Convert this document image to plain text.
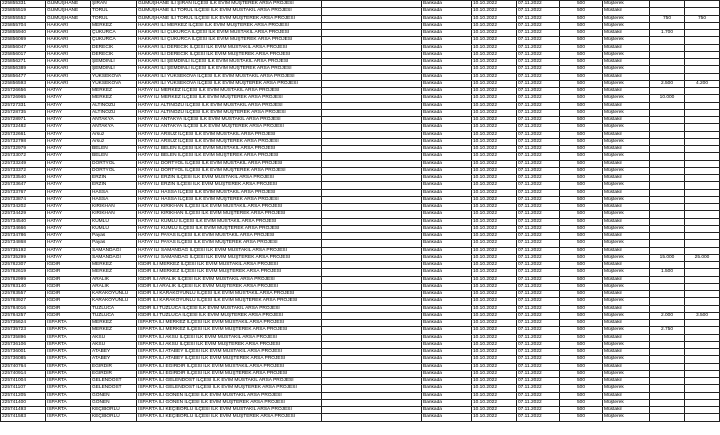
225855331	GÜMÜŞHANE	ŞİRAN	GÜMÜŞHANE İLİ ŞİRAN İLÇESİ İLK EVİM MÜŞTEREK ARSA PROJESİ		Bankada	10.10.2022	07.11.2022	500	Müşterek		
225855519	GÜMÜŞHANE	TORUL	GÜMÜŞHANE İLİ TORUL İLÇESİ İLK EVİM MÜSTAKİL ARSA PROJESİ		Bankada	10.10.2022	07.11.2022	500	Müstakil		
225855552	GÜMÜŞHANE	TORUL	GÜMÜŞHANE İLİ TORUL İLÇESİ İLK EVİM MÜŞTEREK ARSA PROJESİ		Bankada	10.10.2022	07.11.2022	500	Müşterek	750	750
225855704	HAKKARİ	MERKEZ	HAKKARİ İLİ MERKEZ İLÇESİ İLK EVİM MÜŞTEREK ARSA PROJESİ		Bankada	10.10.2022	07.11.2022	500	Müşterek		
225855940	HAKKARİ	ÇUKURCA	HAKKARİ İLİ ÇUKURCA İLÇESİ İLK EVİM MÜSTAKİL ARSA PROJESİ		Bankada	10.10.2022	07.11.2022	500	Müstakil	1.700	
225856069	HAKKARİ	ÇUKURCA	HAKKARİ İLİ ÇUKURCA İLÇESİ İLK EVİM MÜŞTEREK ARSA PROJESİ		Bankada	10.10.2022	07.11.2022	500	Müşterek		
225856047	HAKKARİ	DERECİK	HAKKARİ İLİ DERECİK İLÇESİ İLK EVİM MÜSTAKİL ARSA PROJESİ		Bankada	10.10.2022	07.11.2022	500	Müstakil		
225856017	HAKKARİ	DERECİK	HAKKARİ İLİ DERECİK İLÇESİ İLK EVİM MÜŞTEREK ARSA PROJESİ		Bankada	10.10.2022	07.11.2022	500	Müşterek		
225856271	HAKKARİ	ŞEMDİNLİ	HAKKARİ İLİ ŞEMDİNLİ İLÇESİ İLK EVİM MÜSTAKİL ARSA PROJESİ		Bankada	10.10.2022	07.11.2022	500	Müstakil		
225856389	HAKKARİ	ŞEMDİNLİ	HAKKARİ İLİ ŞEMDİNLİ İLÇESİ İLK EVİM MÜŞTEREK ARSA PROJESİ		Bankada	10.10.2022	07.11.2022	500	Müşterek		
225856477	HAKKARİ	YÜKSEKOVA	HAKKARİ İLİ YÜKSEKOVA İLÇESİ İLK EVİM MÜSTAKİL ARSA PROJESİ		Bankada	10.10.2022	07.11.2022	500	Müstakil		
225856593	HAKKARİ	YÜKSEKOVA	HAKKARİ İLİ YÜKSEKOVA İLÇESİ İLK EVİM MÜŞTEREK ARSA PROJESİ		Bankada	10.10.2022	07.11.2022	500	Müşterek	2.500	4.200
225726656	HATAY	MERKEZ	HATAY İLİ MERKEZ İLÇESİ İLK EVİM MÜSTAKİL ARSA PROJESİ		Bankada	10.10.2022	07.11.2022	500	Müstakil		
225726965	HATAY	MERKEZ	HATAY İLİ MERKEZ İLÇESİ İLK EVİM MÜŞTEREK ARSA PROJESİ		Bankada	10.10.2022	07.11.2022	500	Müşterek	10.000	
225727331	HATAY	ALTINÖZÜ	HATAY İLİ ALTINÖZÜ İLÇESİ İLK EVİM MÜSTAKİL ARSA PROJESİ		Bankada	10.10.2022	07.11.2022	500	Müstakil		
225728735	HATAY	ALTINÖZÜ	HATAY İLİ ALTINÖZÜ İLÇESİ İLK EVİM MÜŞTEREK ARSA PROJESİ		Bankada	10.10.2022	07.11.2022	500	Müşterek		
225728971	HATAY	ANTAKYA	HATAY İLİ ANTAKYA İLÇESİ İLK EVİM MÜSTAKİL ARSA PROJESİ		Bankada	10.10.2022	07.11.2022	500	Müstakil		
225732482	HATAY	ANTAKYA	HATAY İLİ ANTAKYA İLÇESİ İLK EVİM MÜŞTEREK ARSA PROJESİ		Bankada	10.10.2022	07.11.2022	500	Müşterek		
225732661	HATAY	Arsuz	HATAY İLİ ARSUZ İLÇESİ İLK EVİM MÜSTAKİL ARSA PROJESİ		Bankada	10.10.2022	07.11.2022	500	Müstakil		
225732798	HATAY	Arsuz	HATAY İLİ ARSUZ İLÇESİ İLK EVİM MÜŞTEREK ARSA PROJESİ		Bankada	10.10.2022	07.11.2022	500	Müşterek		
225732979	HATAY	BELEN	HATAY İLİ BELEN İLÇESİ İLK EVİM MÜSTAKİL ARSA PROJESİ		Bankada	10.10.2022	07.11.2022	500	Müstakil		
225733072	HATAY	BELEN	HATAY İLİ BELEN İLÇESİ İLK EVİM MÜŞTEREK ARSA PROJESİ		Bankada	10.10.2022	07.11.2022	500	Müşterek		
225733249	HATAY	DÖRTYOL	HATAY İLİ DÖRTYOL İLÇESİ İLK EVİM MÜSTAKİL ARSA PROJESİ		Bankada	10.10.2022	07.11.2022	500	Müstakil		
225733372	HATAY	DÖRTYOL	HATAY İLİ DÖRTYOL İLÇESİ İLK EVİM MÜŞTEREK ARSA PROJESİ		Bankada	10.10.2022	07.11.2022	500	Müşterek		
225733540	HATAY	ERZİN	HATAY İLİ ERZİN İLÇESİ İLK EVİM MÜSTAKİL ARSA PROJESİ		Bankada	10.10.2022	07.11.2022	500	Müstakil		
225733647	HATAY	ERZİN	HATAY İLİ ERZİN İLÇESİ İLK EVİM MÜŞTEREK ARSA PROJESİ		Bankada	10.10.2022	07.11.2022	500	Müşterek		
225733767	HATAY	HASSA	HATAY İLİ HASSA İLÇESİ İLK EVİM MÜSTAKİL ARSA PROJESİ		Bankada	10.10.2022	07.11.2022	500	Müstakil		
225733874	HATAY	HASSA	HATAY İLİ HASSA İLÇESİ İLK EVİM MÜŞTEREK ARSA PROJESİ		Bankada	10.10.2022	07.11.2022	500	Müşterek		
225734202	HATAY	KIRIKHAN	HATAY İLİ KIRIKHAN İLÇESİ İLK EVİM MÜSTAKİL ARSA PROJESİ		Bankada	10.10.2022	07.11.2022	500	Müstakil		
225734429	HATAY	KIRIKHAN	HATAY İLİ KIRIKHAN İLÇESİ İLK EVİM MÜŞTEREK ARSA PROJESİ		Bankada	10.10.2022	07.11.2022	500	Müşterek		
225734540	HATAY	KUMLU	HATAY İLİ KUMLU İLÇESİ İLK EVİM MÜSTAKİL ARSA PROJESİ		Bankada	10.10.2022	07.11.2022	500	Müstakil		
225734666	HATAY	KUMLU	HATAY İLİ KUMLU İLÇESİ İLK EVİM MÜŞTEREK ARSA PROJESİ		Bankada	10.10.2022	07.11.2022	500	Müşterek		
225734786	HATAY	Payas	HATAY İLİ PAYAS İLÇESİ İLK EVİM MÜSTAKİL ARSA PROJESİ		Bankada	10.10.2022	07.11.2022	500	Müstakil		
225734868	HATAY	Payas	HATAY İLİ PAYAS İLÇESİ İLK EVİM MÜŞTEREK ARSA PROJESİ		Bankada	10.10.2022	07.11.2022	500	Müşterek		
225735192	HATAY	SAMANDAĞI	HATAY İLİ SAMANDAĞ İLÇESİ İLK EVİM MÜSTAKİL ARSA PROJESİ		Bankada	10.10.2022	07.11.2022	500	Müstakil		
225735299	HATAY	SAMANDAĞI	HATAY İLİ SAMANDAĞ İLÇESİ İLK EVİM MÜŞTEREK ARSA PROJESİ		Bankada	10.10.2022	07.11.2022	500	Müşterek	15.000	25.000
225782307	IĞDIR	MERKEZ	IĞDIR İLİ MERKEZ İLÇESİ İLK EVİM MÜSTAKİL ARSA PROJESİ		Bankada	10.10.2022	07.11.2022	500	Müstakil		
225782619	IĞDIR	MERKEZ	IĞDIR İLİ MERKEZ İLÇESİ İLK EVİM MÜŞTEREK ARSA PROJESİ		Bankada	10.10.2022	07.11.2022	500	Müşterek	1.500	
225782999	IĞDIR	ARALIK	IĞDIR İLİ ARALIK İLÇESİ İLK EVİM MÜSTAKİL ARSA PROJESİ		Bankada	10.10.2022	07.11.2022	500	Müstakil		
225783140	IĞDIR	ARALIK	IĞDIR İLİ ARALIK İLÇESİ İLK EVİM MÜŞTEREK ARSA PROJESİ		Bankada	10.10.2022	07.11.2022	500	Müşterek		
225783557	IĞDIR	KARAKOYUNLU	IĞDIR İLİ KARAKOYUNLU İLÇESİ İLK EVİM MÜSTAKİL ARSA PROJESİ		Bankada	10.10.2022	07.11.2022	500	Müstakil		
225783927	IĞDIR	KARAKOYUNLU	IĞDIR İLİ KARAKOYUNLU İLÇESİ İLK EVİM MÜŞTEREK ARSA PROJESİ		Bankada	10.10.2022	07.11.2022	500	Müşterek		
225784016	IĞDIR	TUZLUCA	IĞDIR İLİ TUZLUCA İLÇESİ İLK EVİM MÜSTAKİL ARSA PROJESİ		Bankada	10.10.2022	07.11.2022	500	Müstakil		
225784257	IĞDIR	TUZLUCA	IĞDIR İLİ TUZLUCA İLÇESİ İLK EVİM MÜŞTEREK ARSA PROJESİ		Bankada	10.10.2022	07.11.2022	500	Müşterek	2.000	3.500
225735624	ISPARTA	MERKEZ	ISPARTA İLİ MERKEZ İLÇESİ İLK EVİM MÜSTAKİL ARSA PROJESİ		Bankada	10.10.2022	07.11.2022	500	Müstakil		
225735723	ISPARTA	MERKEZ	ISPARTA İLİ MERKEZ İLÇESİ İLK EVİM MÜŞTEREK ARSA PROJESİ		Bankada	10.10.2022	07.11.2022	500	Müşterek	2.750	
225735896	ISPARTA	AKSU	ISPARTA İLİ AKSU İLÇESİ İLK EVİM MÜSTAKİL ARSA PROJESİ		Bankada	10.10.2022	07.11.2022	500	Müstakil		
225736106	ISPARTA	AKSU	ISPARTA İLİ AKSU İLÇESİ İLK EVİM MÜŞTEREK ARSA PROJESİ		Bankada	10.10.2022	07.11.2022	500	Müşterek		
225736001	ISPARTA	ATABEY	ISPARTA İLİ ATABEY İLÇESİ İLK EVİM MÜSTAKİL ARSA PROJESİ		Bankada	10.10.2022	07.11.2022	500	Müstakil		
225736085	ISPARTA	ATABEY	ISPARTA İLİ ATABEY İLÇESİ İLK EVİM MÜŞTEREK ARSA PROJESİ		Bankada	10.10.2022	07.11.2022	500	Müşterek		
225740764	ISPARTA	EĞİRDİR	ISPARTA İLİ EĞİRDİR İLÇESİ İLK EVİM MÜSTAKİL ARSA PROJESİ		Bankada	10.10.2022	07.11.2022	500	Müstakil		
225740914	ISPARTA	EĞİRDİR	ISPARTA İLİ EĞİRDİR İLÇESİ İLK EVİM MÜŞTEREK ARSA PROJESİ		Bankada	10.10.2022	07.11.2022	500	Müşterek		
225741004	ISPARTA	GELENDOST	ISPARTA İLİ GELENDOST İLÇESİ İLK EVİM MÜSTAKİL ARSA PROJESİ		Bankada	10.10.2022	07.11.2022	500	Müstakil		
225741107	ISPARTA	GELENDOST	ISPARTA İLİ GELENDOST İLÇESİ İLK EVİM MÜŞTEREK ARSA PROJESİ		Bankada	10.10.2022	07.11.2022	500	Müşterek		
225741205	ISPARTA	GÖNEN	ISPARTA İLİ GÖNEN İLÇESİ İLK EVİM MÜSTAKİL ARSA PROJESİ		Bankada	10.10.2022	07.11.2022	500	Müstakil		
225741400	ISPARTA	GÖNEN	ISPARTA İLİ GÖNEN İLÇESİ İLK EVİM MÜŞTEREK ARSA PROJESİ		Bankada	10.10.2022	07.11.2022	500	Müşterek		
225741493	ISPARTA	KEÇİBORLU	ISPARTA İLİ KEÇİBORLU İLÇESİ İLK EVİM MÜSTAKİL ARSA PROJESİ		Bankada	10.10.2022	07.11.2022	500	Müstakil		
225741583	ISPARTA	KEÇİBORLU	ISPARTA İLİ KEÇİBORLU İLÇESİ İLK EVİM MÜŞTEREK ARSA PROJESİ		Bankada	10.10.2022	07.11.2022	500	Müşterek		
